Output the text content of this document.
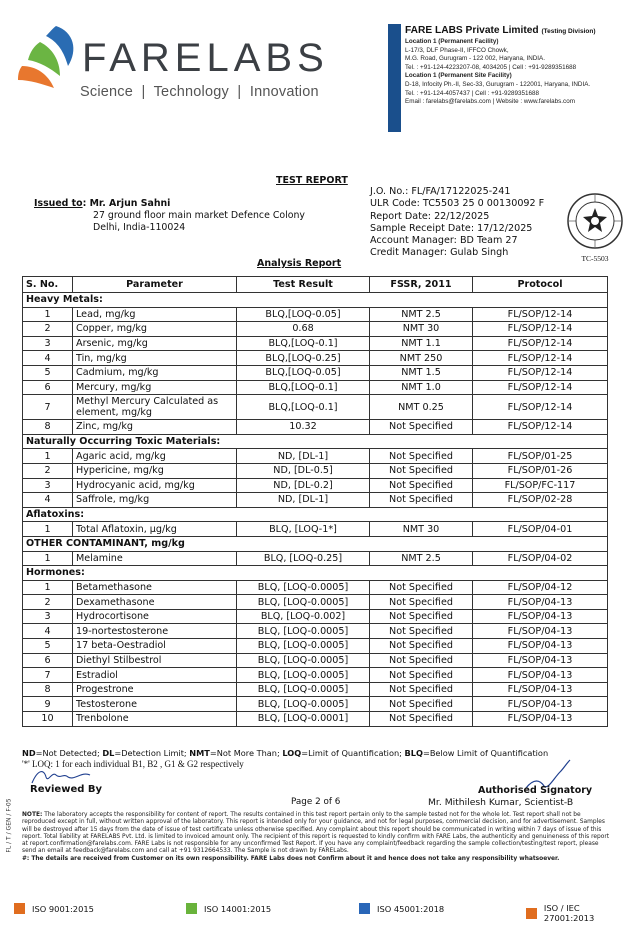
FARELABS
Science  |  Technology  |  Innovation
FARE LABS Private Limited (Testing Division)
Location 1 (Permanent Facility)
L-17/3, DLF Phase-II, IFFCO Chowk,
M.G. Road, Gurugram - 122 002, Haryana, INDIA.
Tel. : +91-124-4223207-08, 4034205 | Cell : +91-9289351688
Location 1 (Permanent Site Facility)
D-18, Infocity Ph.-II, Sec-33, Gurugram - 122001, Haryana, INDIA.
Tel. : +91-124-4057437 | Cell : +91-9289351688
Email : farelabs@farelabs.com | Website : www.farelabs.com
TEST REPORT
Issued to: Mr. Arjun Sahni
27 ground floor main market Defence Colony
Delhi, India-110024
J.O. No.: FL/FA/17122025-241
ULR Code: TC5503 25 0 00130092 F
Report Date: 22/12/2025
Sample Receipt Date: 17/12/2025
Account Manager: BD Team 27
Credit Manager: Gulab Singh
TC-5503
Analysis Report
S. No.	Parameter	Test Result	FSSR, 2011	Protocol
Heavy Metals:				
1	Lead, mg/kg	BLQ,[LOQ-0.05]	NMT 2.5	FL/SOP/12-14
2	Copper, mg/kg	0.68	NMT 30	FL/SOP/12-14
3	Arsenic, mg/kg	BLQ,[LOQ-0.1]	NMT 1.1	FL/SOP/12-14
4	Tin, mg/kg	BLQ,[LOQ-0.25]	NMT 250	FL/SOP/12-14
5	Cadmium, mg/kg	BLQ,[LOQ-0.05]	NMT 1.5	FL/SOP/12-14
6	Mercury, mg/kg	BLQ,[LOQ-0.1]	NMT 1.0	FL/SOP/12-14
7	Methyl Mercury Calculated as element, mg/kg	BLQ,[LOQ-0.1]	NMT 0.25	FL/SOP/12-14
8	Zinc, mg/kg	10.32	Not Specified	FL/SOP/12-14
Naturally Occurring Toxic Materials:				
1	Agaric acid, mg/kg	ND, [DL-1]	Not Specified	FL/SOP/01-25
2	Hypericine, mg/kg	ND, [DL-0.5]	Not Specified	FL/SOP/01-26
3	Hydrocyanic acid, mg/kg	ND, [DL-0.2]	Not Specified	FL/SOP/FC-117
4	Saffrole, mg/kg	ND, [DL-1]	Not Specified	FL/SOP/02-28
Aflatoxins:				
1	Total Aflatoxin, µg/kg	BLQ, [LOQ-1*]	NMT 30	FL/SOP/04-01
OTHER CONTAMINANT, mg/kg				
1	Melamine	BLQ, [LOQ-0.25]	NMT 2.5	FL/SOP/04-02
Hormones:				
1	Betamethasone	BLQ, [LOQ-0.0005]	Not Specified	FL/SOP/04-12
2	Dexamethasone	BLQ, [LOQ-0.0005]	Not Specified	FL/SOP/04-13
3	Hydrocortisone	BLQ, [LOQ-0.002]	Not Specified	FL/SOP/04-13
4	19-nortestosterone	BLQ, [LOQ-0.0005]	Not Specified	FL/SOP/04-13
5	17 beta-Oestradiol	BLQ, [LOQ-0.0005]	Not Specified	FL/SOP/04-13
6	Diethyl Stilbestrol	BLQ, [LOQ-0.0005]	Not Specified	FL/SOP/04-13
7	Estradiol	BLQ, [LOQ-0.0005]	Not Specified	FL/SOP/04-13
8	Progestrone	BLQ, [LOQ-0.0005]	Not Specified	FL/SOP/04-13
9	Testosterone	BLQ, [LOQ-0.0005]	Not Specified	FL/SOP/04-13
10	Trenbolone	BLQ, [LOQ-0.0001]	Not Specified	FL/SOP/04-13
ND=Not Detected; DL=Detection Limit; NMT=Not More Than; LOQ=Limit of Quantification; BLQ=Below Limit of Quantification
'*' LOQ: 1 for each individual B1, B2 , G1 & G2 respectively
Reviewed By
Page 2 of 6
Authorised Signatory
Mr. Mithilesh Kumar, Scientist-B
NOTE: The laboratory accepts the responsibility for content of report. The results contained in this test report pertain only to the sample tested not for the whole lot. Test report shall not be reproduced except in full, without written approval of the laboratory. This report is intended only for your guidance, and not for legal purposes, commercial decision, and for advertisement. Samples will be destroyed after 15 days from the date of issue of test certificate unless otherwise specified. Any complaint about this report should be communicated in writing within 7 days of issue of this report. Total liability at FARELABS Pvt. Ltd. is limited to invoiced amount only. The recipient of this report is requested to kindly confirm with FARE Labs, the authenticity and genuineness of this report at report.confirmation@farelabs.com. FARE Labs is not responsible for any unconfirmed Test Report. If you have any complaint/feedback regarding the sample collection/testing/test report, please send an email at feedback@farelabs.com and call at +91 9312664533. The Sample is not drawn by FARELabs.
#: The details are received from Customer on its own responsibility. FARE Labs does not Confirm about it and hence does not take any responsibility whatsoever.
FL / T / GEN / F-05
ISO 9001:2015	ISO 14001:2015	ISO 45001:2018	ISO / IEC 27001:2013
